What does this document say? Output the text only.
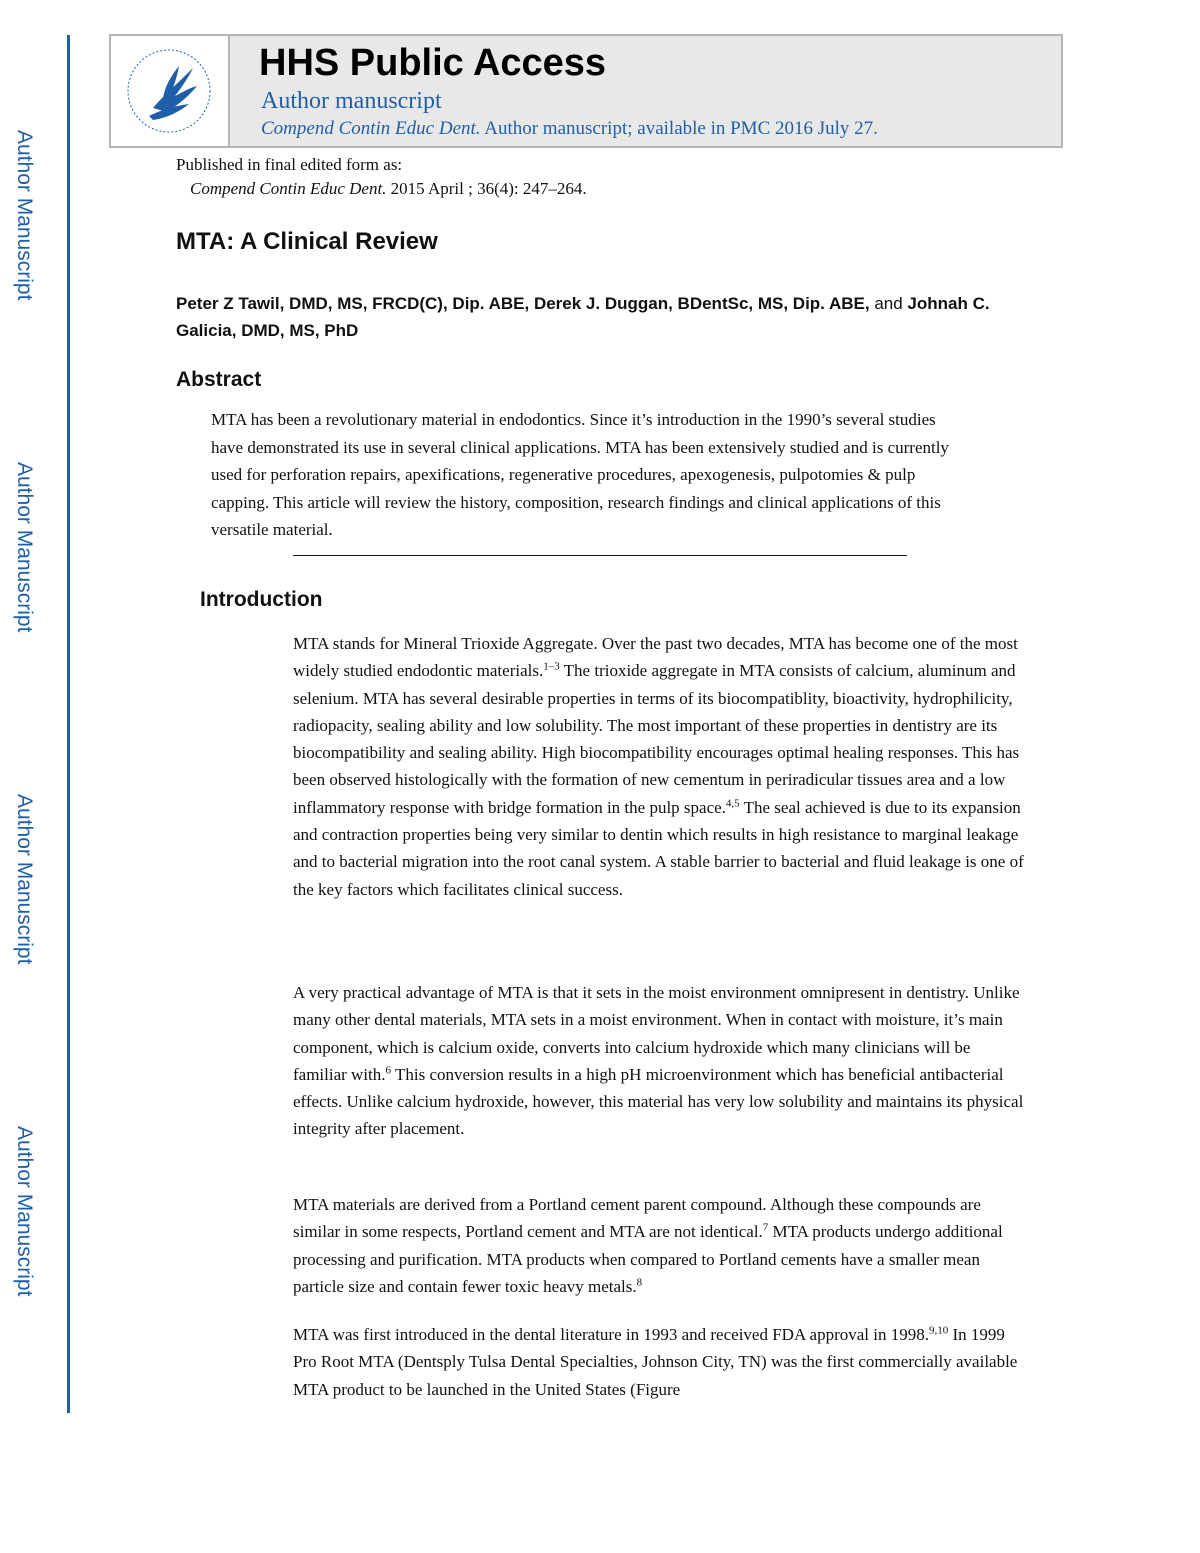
Author Manuscript
Author Manuscript
Author Manuscript
Author Manuscript
HHS Public Access
Author manuscript
Compend Contin Educ Dent. Author manuscript; available in PMC 2016 July 27.
Published in final edited form as:
Compend Contin Educ Dent. 2015 April ; 36(4): 247–264.
MTA: A Clinical Review

Peter Z Tawil, DMD, MS, FRCD(C), Dip. ABE, Derek J. Duggan, BDentSc, MS, Dip. ABE, and Johnah C. Galicia, DMD, MS, PhD

Abstract

MTA has been a revolutionary material in endodontics. Since it’s introduction in the 1990’s several studies have demonstrated its use in several clinical applications. MTA has been extensively studied and is currently used for perforation repairs, apexifications, regenerative procedures, apexogenesis, pulpotomies & pulp capping. This article will review the history, composition, research findings and clinical applications of this versatile material.

Introduction

MTA stands for Mineral Trioxide Aggregate. Over the past two decades, MTA has become one of the most widely studied endodontic materials.$^{1-3}$ The trioxide aggregate in MTA consists of calcium, aluminum and selenium. MTA has several desirable properties in terms of its biocompatiblity, bioactivity, hydrophilicity, radiopacity, sealing ability and low solubility. The most important of these properties in dentistry are its biocompatibility and sealing ability. High biocompatibility encourages optimal healing responses. This has been observed histologically with the formation of new cementum in periradicular tissues area and a low inflammatory response with bridge formation in the pulp space.$^{4,5}$ The seal achieved is due to its expansion and contraction properties being very similar to dentin which results in high resistance to marginal leakage and to bacterial migration into the root canal system. A stable barrier to bacterial and fluid leakage is one of the key factors which facilitates clinical success.

A very practical advantage of MTA is that it sets in the moist environment omnipresent in dentistry. Unlike many other dental materials, MTA sets in a moist environment. When in contact with moisture, it’s main component, which is calcium oxide, converts into calcium hydroxide which many clinicians will be familiar with.$^6$ This conversion results in a high pH microenvironment which has beneficial antibacterial effects. Unlike calcium hydroxide, however, this material has very low solubility and maintains its physical integrity after placement.

MTA materials are derived from a Portland cement parent compound. Although these compounds are similar in some respects, Portland cement and MTA are not identical.$^7$ MTA products undergo additional processing and purification. MTA products when compared to Portland cements have a smaller mean particle size and contain fewer toxic heavy metals.$^8$

MTA was first introduced in the dental literature in 1993 and received FDA approval in 1998.$^{9,10}$ In 1999 Pro Root MTA (Dentsply Tulsa Dental Specialties, Johnson City, TN) was the first commercially available MTA product to be launched in the United States (Figure
